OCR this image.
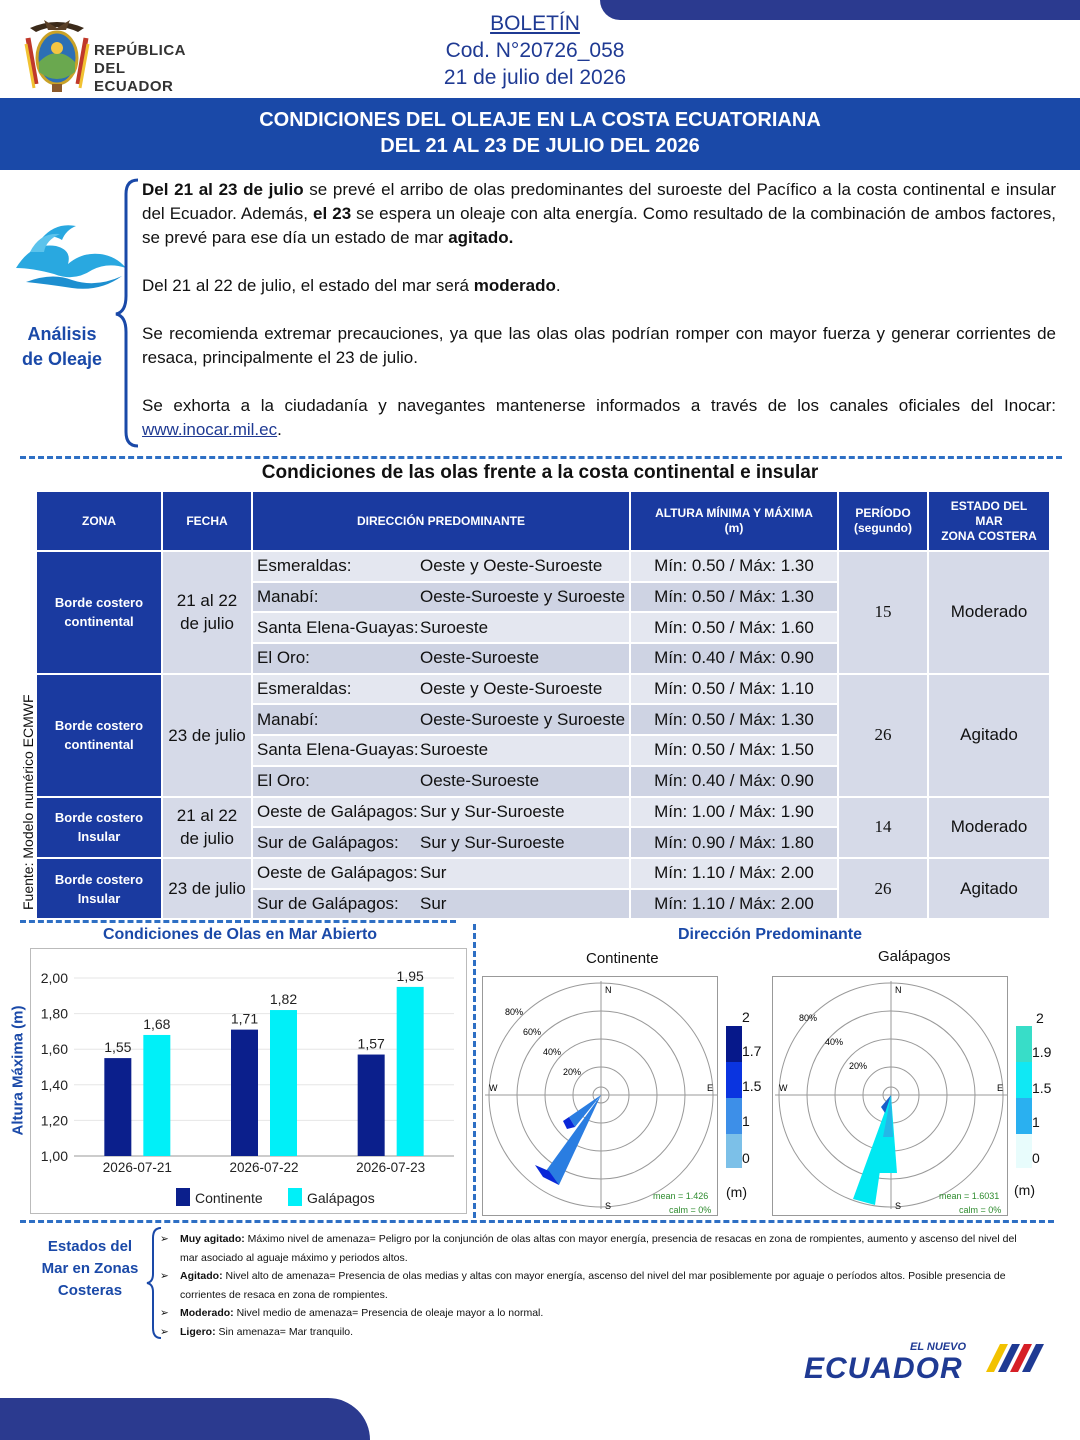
REPÚBLICA
DEL ECUADOR
BOLETÍN
Cod. N°20726_058
21 de julio del 2026
CONDICIONES DEL OLEAJE EN LA COSTA ECUATORIANA
DEL 21 AL 23 DE JULIO DEL 2026
Análisis
de Oleaje

Del 21 al 23 de julio se prevé el arribo de olas predominantes del suroeste del Pacífico a la costa continental e insular del Ecuador. Además, el 23 se espera un oleaje con alta energía. Como resultado de la combinación de ambos factores, se prevé para ese día un estado de mar agitado.

Del 21 al 22 de julio, el estado del mar será moderado.

Se recomienda extremar precauciones, ya que las olas olas podrían romper con mayor fuerza y generar corrientes de resaca, principalmente el 23 de julio.

Se exhorta a la ciudadanía y navegantes mantenerse informados a través de los canales oficiales del Inocar: www.inocar.mil.ec.

Condiciones de las olas frente a la costa continental e insular
Fuente: Modelo numérico ECMWF
ZONA	FECHA	DIRECCIÓN PREDOMINANTE	ALTURA MÍNIMA Y MÁXIMA
(m)	PERÍODO
(segundo)	ESTADO DEL
MAR
ZONA COSTERA
Borde costero
continental	21 al 22
de julio	Esmeraldas: Oeste y Oeste-Suroeste	Mín: 0.50 / Máx: 1.30	15	Moderado
		Manabí: Oeste-Suroeste y Suroeste	Mín: 0.50 / Máx: 1.30		
		Santa Elena-Guayas:Suroeste	Mín: 0.50 / Máx: 1.60		
		El Oro: Oeste-Suroeste	Mín: 0.40 / Máx: 0.90		
Borde costero
continental	23 de julio	Esmeraldas: Oeste y Oeste-Suroeste	Mín: 0.50 / Máx: 1.10	26	Agitado
		Manabí: Oeste-Suroeste y Suroeste	Mín: 0.50 / Máx: 1.30		
		Santa Elena-Guayas:Suroeste	Mín: 0.50 / Máx: 1.50		
		El Oro: Oeste-Suroeste	Mín: 0.40 / Máx: 0.90		
Borde costero
Insular	21 al 22
de julio	Oeste de Galápagos: Sur y Sur-Suroeste	Mín: 1.00 / Máx: 1.90	14	Moderado
		Sur de Galápagos: Sur y Sur-Suroeste	Mín: 0.90 / Máx: 1.80		
Borde costero
Insular	23 de julio	Oeste de Galápagos: Sur	Mín: 1.10 / Máx: 2.00	26	Agitado
		Sur de Galápagos: Sur	Mín: 1.10 / Máx: 2.00		
Condiciones de Olas en Mar Abierto
Altura Máxima (m)
1,00
1,20
1,40
1,60
1,80
2,00
1,55
1,68
2026-07-21
1,71
1,82
2026-07-22
1,57
1,95
2026-07-23
Continente	Galápagos
Dirección Predominante
Continente	Galápagos
N
S
W	E
80%
60%
40%
20%
mean = 1.426
calm = 0%
2
1.7
1.5
1
0
(m)
N
S
W	E
80%
40%
20%
mean = 1.6031
calm = 0%
2
1.9
1.5
1
0
(m)
Estados del
Mar en Zonas
Costeras
➢ Muy agitado: Máximo nivel de amenaza= Peligro por la conjunción de olas altas con mayor energía, presencia de resacas en zona de rompientes, aumento y ascenso del nivel del mar asociado al aguaje máximo y periodos altos.
➢ Agitado: Nivel alto de amenaza= Presencia de olas medias y altas con mayor energía, ascenso del nivel del mar posiblemente por aguaje o períodos altos. Posible presencia de corrientes de resaca en zona de rompientes.
➢ Moderado: Nivel medio de amenaza= Presencia de oleaje mayor a lo normal.
➢ Ligero: Sin amenaza= Mar tranquilo.
EL NUEVO
ECUADOR
